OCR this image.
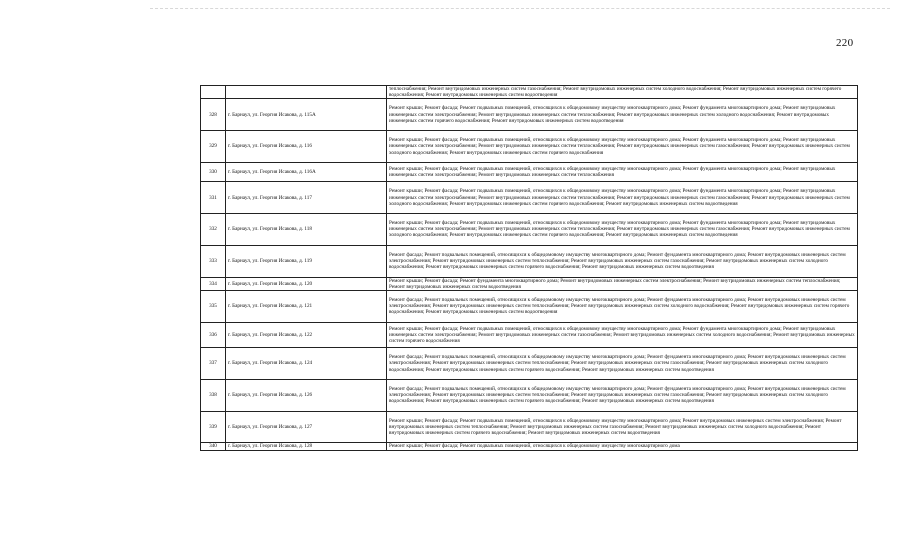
220
		теплоснабжения; Ремонт внутридомовых инженерных систем газоснабжения; Ремонт внутридомовых инженерных систем холодного водоснабжения; Ремонт внутридомовых инженерных систем горячего водоснабжения; Ремонт внутридомовых инженерных систем водоотведения
328	г. Барнаул, ул. Георгия Исакова, д. 115А	Ремонт крыши; Ремонт фасада; Ремонт подвальных помещений, относящихся к общедомовому имуществу многоквартирного дома; Ремонт фундамента многоквартирного дома; Ремонт внутридомовых инженерных систем электроснабжения; Ремонт внутридомовых инженерных систем теплоснабжения; Ремонт внутридомовых инженерных систем холодного водоснабжения; Ремонт внутридомовых инженерных систем горячего водоснабжения; Ремонт внутридомовых инженерных систем водоотведения
329	г. Барнаул, ул. Георгия Исакова, д. 116	Ремонт крыши; Ремонт фасада; Ремонт подвальных помещений, относящихся к общедомовому имуществу многоквартирного дома; Ремонт фундамента многоквартирного дома; Ремонт внутридомовых инженерных систем электроснабжения; Ремонт внутридомовых инженерных систем теплоснабжения; Ремонт внутридомовых инженерных систем газоснабжения; Ремонт внутридомовых инженерных систем холодного водоснабжения; Ремонт внутридомовых инженерных систем горячего водоснабжения
330	г. Барнаул, ул. Георгия Исакова, д. 116А	Ремонт крыши; Ремонт фасада; Ремонт подвальных помещений, относящихся к общедомовому имуществу многоквартирного дома; Ремонт фундамента многоквартирного дома; Ремонт внутридомовых инженерных систем электроснабжения; Ремонт внутридомовых инженерных систем теплоснабжения
331	г. Барнаул, ул. Георгия Исакова, д. 117	Ремонт крыши; Ремонт фасада; Ремонт подвальных помещений, относящихся к общедомовому имуществу многоквартирного дома; Ремонт фундамента многоквартирного дома; Ремонт внутридомовых инженерных систем электроснабжения; Ремонт внутридомовых инженерных систем теплоснабжения; Ремонт внутридомовых инженерных систем газоснабжения; Ремонт внутридомовых инженерных систем холодного водоснабжения; Ремонт внутридомовых инженерных систем горячего водоснабжения; Ремонт внутридомовых инженерных систем водоотведения
332	г. Барнаул, ул. Георгия Исакова, д. 118	Ремонт крыши; Ремонт фасада; Ремонт подвальных помещений, относящихся к общедомовому имуществу многоквартирного дома; Ремонт фундамента многоквартирного дома; Ремонт внутридомовых инженерных систем электроснабжения; Ремонт внутридомовых инженерных систем теплоснабжения; Ремонт внутридомовых инженерных систем газоснабжения; Ремонт внутридомовых инженерных систем холодного водоснабжения; Ремонт внутридомовых инженерных систем горячего водоснабжения; Ремонт внутридомовых инженерных систем водоотведения
333	г. Барнаул, ул. Георгия Исакова, д. 119	Ремонт фасада; Ремонт подвальных помещений, относящихся к общедомовому имуществу многоквартирного дома; Ремонт фундамента многоквартирного дома; Ремонт внутридомовых инженерных систем электроснабжения; Ремонт внутридомовых инженерных систем теплоснабжения; Ремонт внутридомовых инженерных систем газоснабжения; Ремонт внутридомовых инженерных систем холодного водоснабжения; Ремонт внутридомовых инженерных систем горячего водоснабжения; Ремонт внутридомовых инженерных систем водоотведения
334	г. Барнаул, ул. Георгия Исакова, д. 120	Ремонт крыши; Ремонт фасада; Ремонт фундамента многоквартирного дома; Ремонт внутридомовых инженерных систем электроснабжения; Ремонт внутридомовых инженерных систем теплоснабжения; Ремонт внутридомовых инженерных систем водоотведения
335	г. Барнаул, ул. Георгия Исакова, д. 121	Ремонт фасада; Ремонт подвальных помещений, относящихся к общедомовому имуществу многоквартирного дома; Ремонт фундамента многоквартирного дома; Ремонт внутридомовых инженерных систем электроснабжения; Ремонт внутридомовых инженерных систем теплоснабжения; Ремонт внутридомовых инженерных систем холодного водоснабжения; Ремонт внутридомовых инженерных систем горячего водоснабжения; Ремонт внутридомовых инженерных систем водоотведения
336	г. Барнаул, ул. Георгия Исакова, д. 122	Ремонт крыши; Ремонт фасада; Ремонт подвальных помещений, относящихся к общедомовому имуществу многоквартирного дома; Ремонт фундамента многоквартирного дома; Ремонт внутридомовых инженерных систем электроснабжения; Ремонт внутридомовых инженерных систем газоснабжения; Ремонт внутридомовых инженерных систем холодного водоснабжения; Ремонт внутридомовых инженерных систем горячего водоснабжения
337	г. Барнаул, ул. Георгия Исакова, д. 124	Ремонт фасада; Ремонт подвальных помещений, относящихся к общедомовому имуществу многоквартирного дома; Ремонт фундамента многоквартирного дома; Ремонт внутридомовых инженерных систем электроснабжения; Ремонт внутридомовых инженерных систем теплоснабжения; Ремонт внутридомовых инженерных систем газоснабжения; Ремонт внутридомовых инженерных систем холодного водоснабжения; Ремонт внутридомовых инженерных систем горячего водоснабжения; Ремонт внутридомовых инженерных систем водоотведения
338	г. Барнаул, ул. Георгия Исакова, д. 126	Ремонт фасада; Ремонт подвальных помещений, относящихся к общедомовому имуществу многоквартирного дома; Ремонт фундамента многоквартирного дома; Ремонт внутридомовых инженерных систем электроснабжения; Ремонт внутридомовых инженерных систем теплоснабжения; Ремонт внутридомовых инженерных систем газоснабжения; Ремонт внутридомовых инженерных систем холодного водоснабжения; Ремонт внутридомовых инженерных систем горячего водоснабжения; Ремонт внутридомовых инженерных систем водоотведения
339	г. Барнаул, ул. Георгия Исакова, д. 127	Ремонт крыши; Ремонт фасада; Ремонт подвальных помещений, относящихся к общедомовому имуществу многоквартирного дома; Ремонт внутридомовых инженерных систем электроснабжения; Ремонт внутридомовых инженерных систем теплоснабжения; Ремонт внутридомовых инженерных систем газоснабжения; Ремонт внутридомовых инженерных систем холодного водоснабжения; Ремонт внутридомовых инженерных систем горячего водоснабжения; Ремонт внутридомовых инженерных систем водоотведения
340	г. Барнаул, ул. Георгия Исакова, д. 128	Ремонт крыши; Ремонт фасада; Ремонт подвальных помещений, относящихся к общедомовому имуществу многоквартирного дома
